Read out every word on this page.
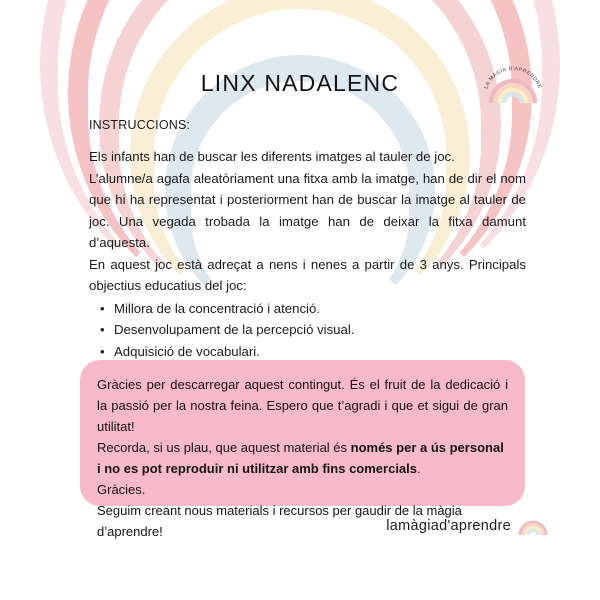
LINX NADALENC	LA MÀGIA D'APRENDRE

INSTRUCCIONS:

Els infants han de buscar les diferents imatges al tauler de joc.

L’alumne/a agafa aleatòriament una fitxa amb la imatge, han de dir el nom que hi ha representat i posteriorment han de buscar la imatge al tauler de joc. Una vegada trobada la imatge han de deixar la fitxa damunt d’aquesta.

En aquest joc està adreçat a nens i nenes a partir de 3 anys. Principals objectius educatius del joc:

• Millora de la concentració i atenció.
• Desenvolupament de la percepció visual.
• Adquisició de vocabulari.

Gràcies per descarregar aquest contingut. És el fruit de la dedicació i la passió per la nostra feina. Espero que t’agradi i que et sigui de gran utilitat!

Recorda, si us plau, que aquest material és només per a ús personal i no es pot reproduir ni utilitzar amb fins comercials.

Gràcies.

Seguim creant nous materials i recursos per gaudir de la màgia d’aprendre!	lamàgiad'aprendre
